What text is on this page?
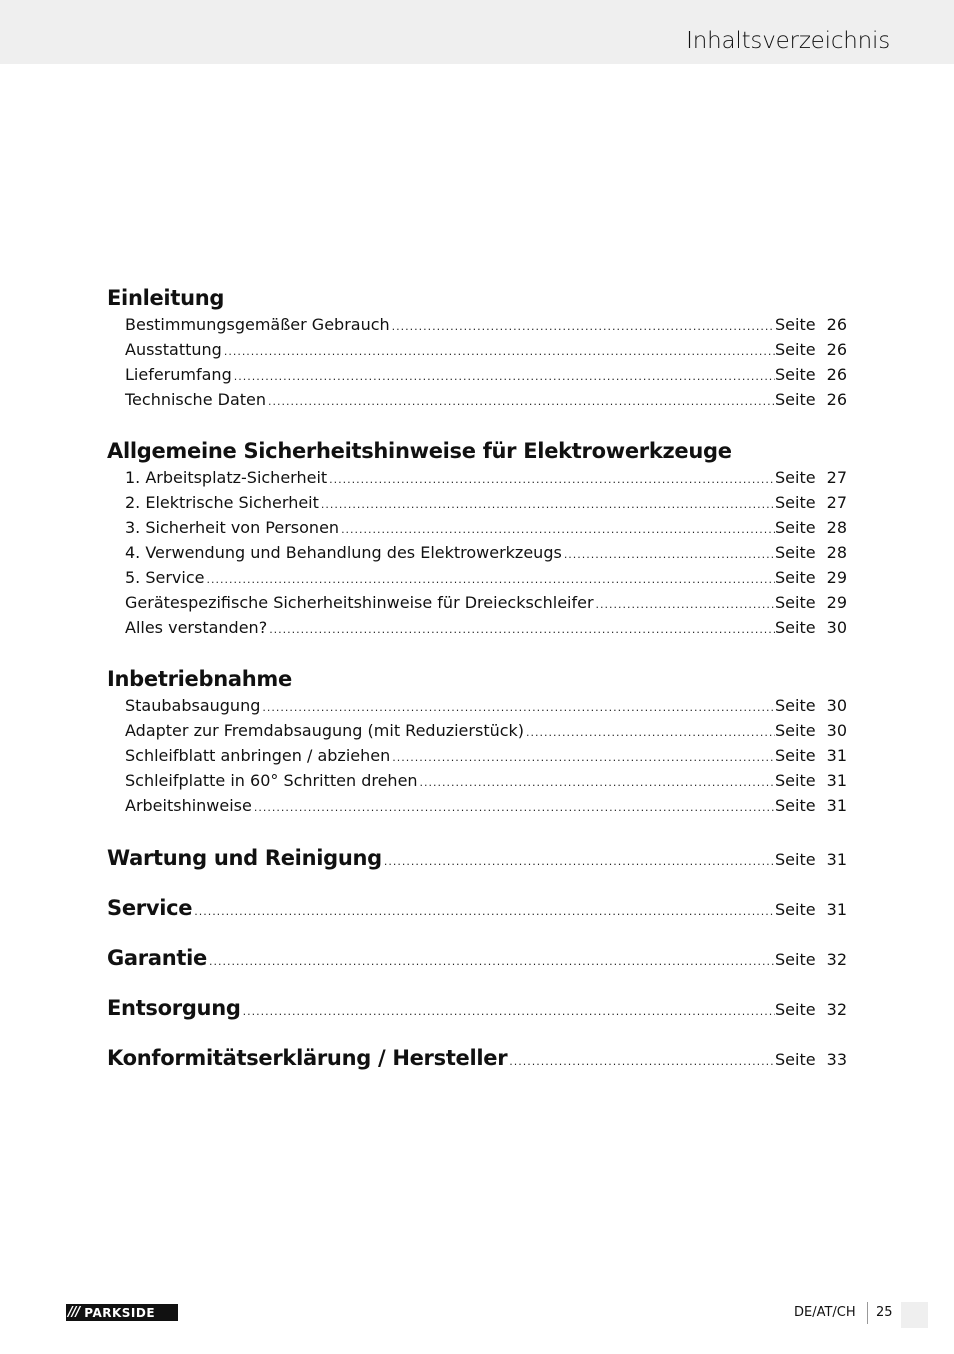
Inhaltsverzeichnis
Einleitung
Bestimmungsgemäßer Gebrauch .....	Seite 26
Ausstattung .....	Seite 26
Lieferumfang .....	Seite 26
Technische Daten .....	Seite 26
Allgemeine Sicherheitshinweise für Elektrowerkzeuge
1. Arbeitsplatz-Sicherheit .....	Seite 27
2. Elektrische Sicherheit .....	Seite 27
3. Sicherheit von Personen .....	Seite 28
4. Verwendung und Behandlung des Elektrowerkzeugs .....	Seite 28
5. Service .....	Seite 29
Gerätespezifische Sicherheitshinweise für Dreieckschleifer .....	Seite 29
Alles verstanden? .....	Seite 30
Inbetriebnahme
Staubabsaugung .....	Seite 30
Adapter zur Fremdabsaugung (mit Reduzierstück) .....	Seite 30
Schleifblatt anbringen / abziehen .....	Seite 31
Schleifplatte in 60° Schritten drehen .....	Seite 31
Arbeitshinweise .....	Seite 31
Wartung und Reinigung .....	Seite 31
Service .....	Seite 31
Garantie .....	Seite 32
Entsorgung .....	Seite 32
Konformitätserklärung / Hersteller .....	Seite 33
/// PARKSIDE	DE/AT/CH 25
